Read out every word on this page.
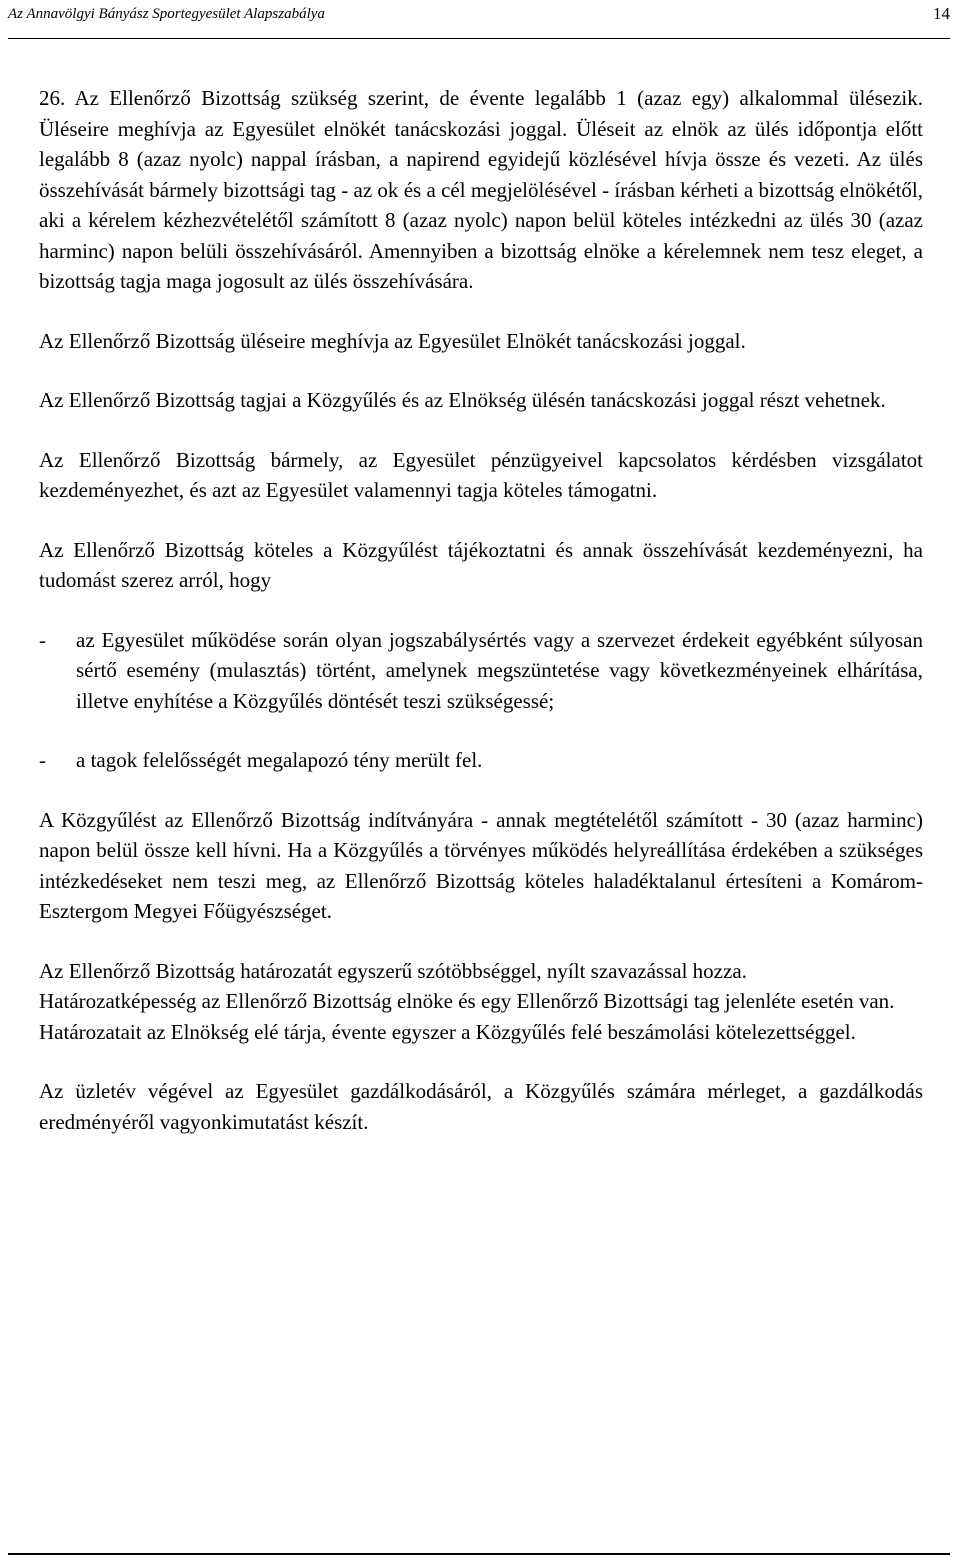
Az Annavölgyi Bányász Sportegyesület Alapszabálya	14

26. Az Ellenőrző Bizottság szükség szerint, de évente legalább 1 (azaz egy) alkalommal ülésezik. Üléseire meghívja az Egyesület elnökét tanácskozási joggal. Üléseit az elnök az ülés időpontja előtt legalább 8 (azaz nyolc) nappal írásban, a napirend egyidejű közlésével hívja össze és vezeti. Az ülés összehívását bármely bizottsági tag - az ok és a cél megjelölésével - írásban kérheti a bizottság elnökétől, aki a kérelem kézhezvételétől számított 8 (azaz nyolc) napon belül köteles intézkedni az ülés 30 (azaz harminc) napon belüli összehívásáról. Amennyiben a bizottság elnöke a kérelemnek nem tesz eleget, a bizottság tagja maga jogosult az ülés összehívására.

Az Ellenőrző Bizottság üléseire meghívja az Egyesület Elnökét tanácskozási joggal.

Az Ellenőrző Bizottság tagjai a Közgyűlés és az Elnökség ülésén tanácskozási joggal részt vehetnek.

Az Ellenőrző Bizottság bármely, az Egyesület pénzügyeivel kapcsolatos kérdésben vizsgálatot kezdeményezhet, és azt az Egyesület valamennyi tagja köteles támogatni.

Az Ellenőrző Bizottság köteles a Közgyűlést tájékoztatni és annak összehívását kezdeményezni, ha tudomást szerez arról, hogy

- az Egyesület működése során olyan jogszabálysértés vagy a szervezet érdekeit egyébként súlyosan sértő esemény (mulasztás) történt, amelynek megszüntetése vagy következményeinek elhárítása, illetve enyhítése a Közgyűlés döntését teszi szükségessé;

- a tagok felelősségét megalapozó tény merült fel.

A Közgyűlést az Ellenőrző Bizottság indítványára - annak megtételétől számított - 30 (azaz harminc) napon belül össze kell hívni. Ha a Közgyűlés a törvényes működés helyreállítása érdekében a szükséges intézkedéseket nem teszi meg, az Ellenőrző Bizottság köteles haladéktalanul értesíteni a Komárom-Esztergom Megyei Főügyészséget.

Az Ellenőrző Bizottság határozatát egyszerű szótöbbséggel, nyílt szavazással hozza.

Határozatképesség az Ellenőrző Bizottság elnöke és egy Ellenőrző Bizottsági tag jelenléte esetén van.

Határozatait az Elnökség elé tárja, évente egyszer a Közgyűlés felé beszámolási kötelezettséggel.

Az üzletév végével az Egyesület gazdálkodásáról, a Közgyűlés számára mérleget, a gazdálkodás eredményéről vagyonkimutatást készít.
